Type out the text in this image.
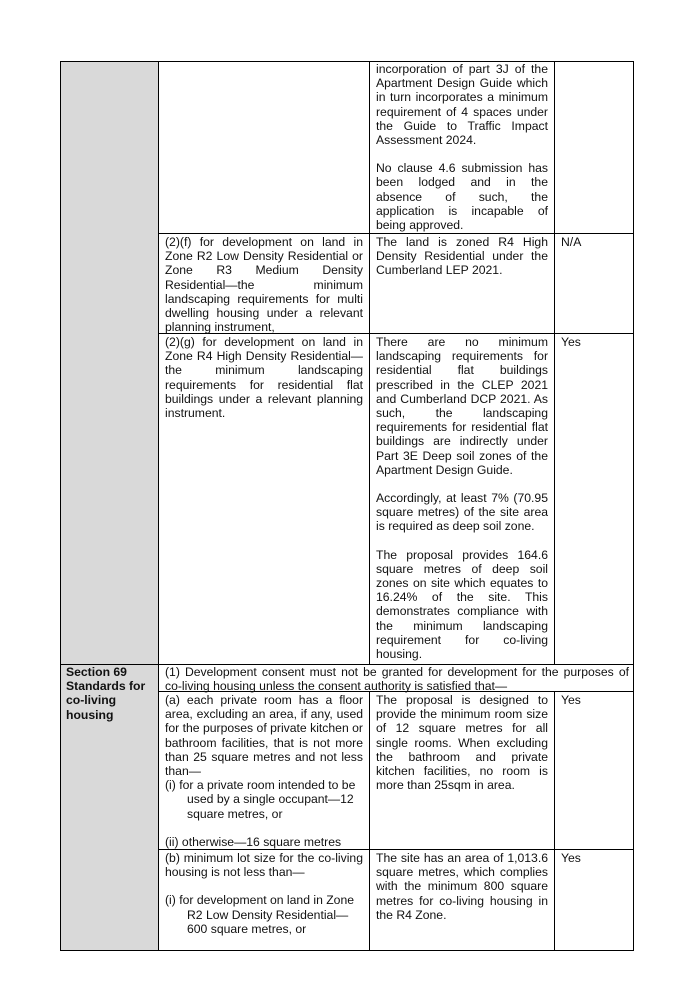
incorporation of part 3J of the Apartment Design Guide which in turn incorporates a minimum requirement of 4 spaces under the Guide to Traffic Impact Assessment 2024.

No clause 4.6 submission has been lodged and in the absence of such, the application is incapable of being approved.

(2)(f) for development on land in Zone R2 Low Density Residential or Zone R3 Medium Density Residential—the minimum landscaping requirements for multi dwelling housing under a relevant planning instrument,
The land is zoned R4 High Density Residential under the Cumberland LEP 2021.
N/A
(2)(g) for development on land in Zone R4 High Density Residential—the minimum landscaping requirements for residential flat buildings under a relevant planning instrument.

There are no minimum landscaping requirements for residential flat buildings prescribed in the CLEP 2021 and Cumberland DCP 2021. As such, the landscaping requirements for residential flat buildings are indirectly under Part 3E Deep soil zones of the Apartment Design Guide.

Accordingly, at least 7% (70.95 square metres) of the site area is required as deep soil zone.

The proposal provides 164.6 square metres of deep soil zones on site which equates to 16.24% of the site. This demonstrates compliance with the minimum landscaping requirement for co-living housing.

Yes
Section 69 Standards for co-living housing
(1) Development consent must not be granted for development for the purposes of co-living housing unless the consent authority is satisfied that—

(a) each private room has a floor area, excluding an area, if any, used for the purposes of private kitchen or bathroom facilities, that is not more than 25 square metres and not less than—

(i) for a private room intended to be used by a single occupant—12 square metres, or

(ii) otherwise—16 square metres

The proposal is designed to provide the minimum room size of 12 square metres for all single rooms. When excluding the bathroom and private kitchen facilities, no room is more than 25sqm in area.
Yes

(b) minimum lot size for the co-living housing is not less than—

(i) for development on land in Zone R2 Low Density Residential—600 square metres, or

The site has an area of 1,013.6 square metres, which complies with the minimum 800 square metres for co-living housing in the R4 Zone.
Yes
